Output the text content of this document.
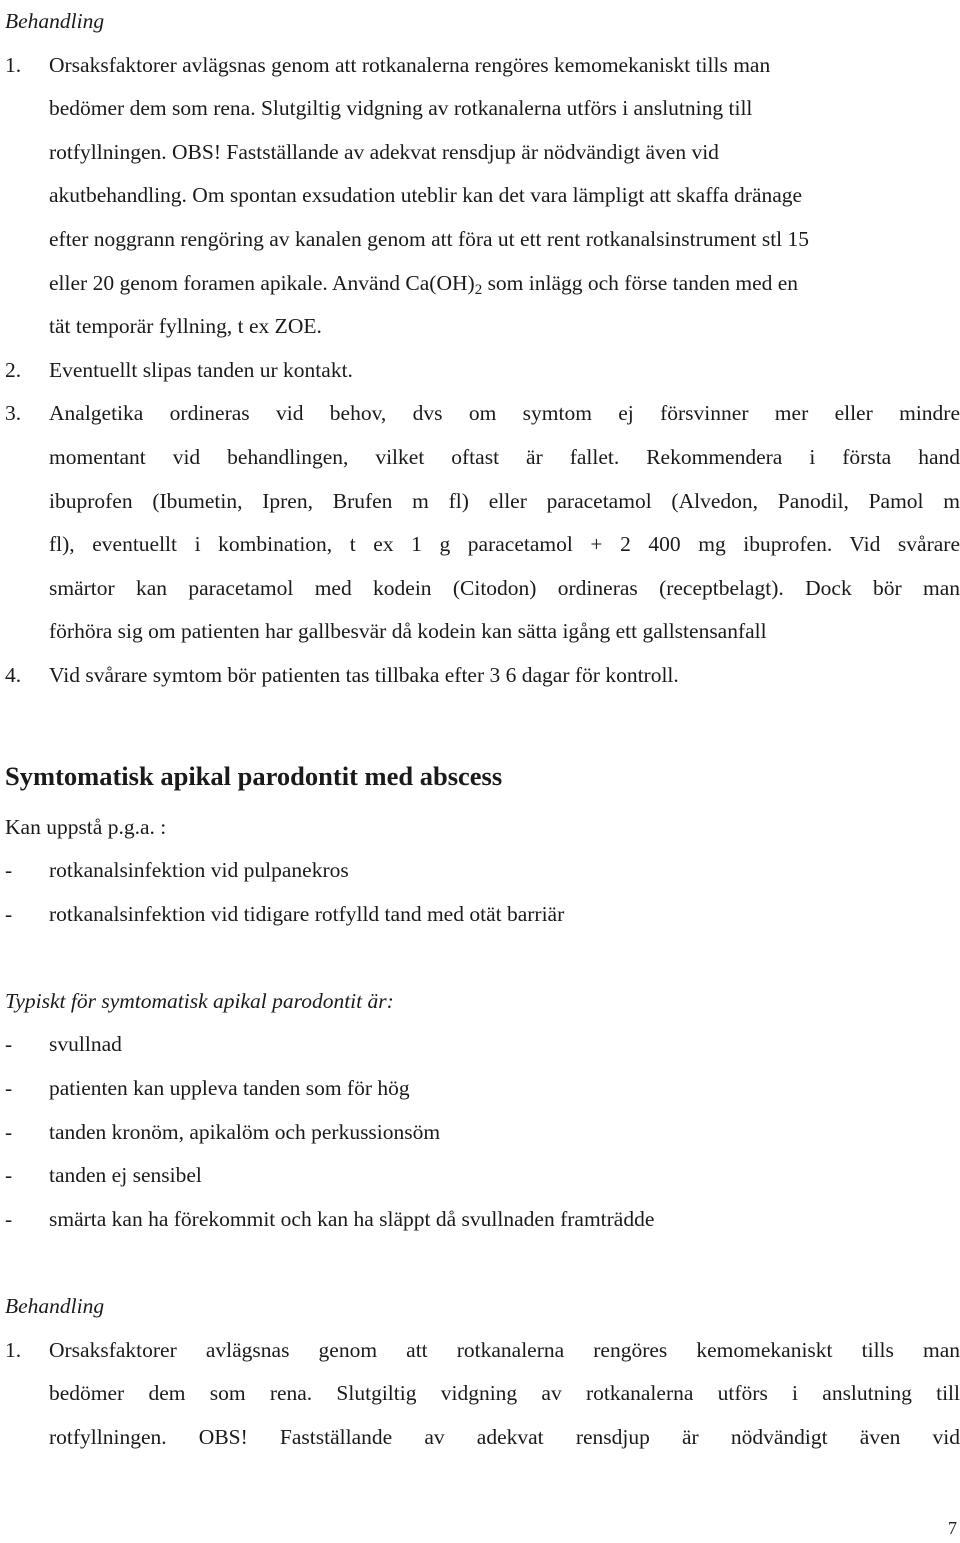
Behandling
1. Orsaksfaktorer avlägsnas genom att rotkanalerna rengöres kemomekaniskt tills man
bedömer dem som rena. Slutgiltig vidgning av rotkanalerna utförs i anslutning till
rotfyllningen. OBS! Fastställande av adekvat rensdjup är nödvändigt även vid
akutbehandling. Om spontan exsudation uteblir kan det vara lämpligt att skaffa dränage
efter noggrann rengöring av kanalen genom att föra ut ett rent rotkanalsinstrument stl 15
eller 20 genom foramen apikale. Använd $Ca(OH)_2$ som inlägg och förse tanden med en
tät temporär fyllning, t ex ZOE.
2. Eventuellt slipas tanden ur kontakt.
3. Analgetika ordineras vid behov, dvs om symtom ej försvinner mer eller mindre
momentant vid behandlingen, vilket oftast är fallet. Rekommendera i första hand
ibuprofen (Ibumetin, Ipren, Brufen m fl) eller paracetamol (Alvedon, Panodil, Pamol m
fl), eventuellt i kombination, t ex 1 g paracetamol + 2 400 mg ibuprofen. Vid svårare
smärtor kan paracetamol med kodein (Citodon) ordineras (receptbelagt). Dock bör man
förhöra sig om patienten har gallbesvär då kodein kan sätta igång ett gallstensanfall
4. Vid svårare symtom bör patienten tas tillbaka efter 3 6 dagar för kontroll.
Symtomatisk apikal parodontit med abscess
Kan uppstå p.g.a. :
- rotkanalsinfektion vid pulpanekros
- rotkanalsinfektion vid tidigare rotfylld tand med otät barriär
Typiskt för symtomatisk apikal parodontit är:
- svullnad
- patienten kan uppleva tanden som för hög
- tanden kronöm, apikalöm och perkussionsöm
- tanden ej sensibel
- smärta kan ha förekommit och kan ha släppt då svullnaden framträdde
Behandling
1. Orsaksfaktorer avlägsnas genom att rotkanalerna rengöres kemomekaniskt tills man
bedömer dem som rena. Slutgiltig vidgning av rotkanalerna utförs i anslutning till
rotfyllningen. OBS! Fastställande av adekvat rensdjup är nödvändigt även vid
7
